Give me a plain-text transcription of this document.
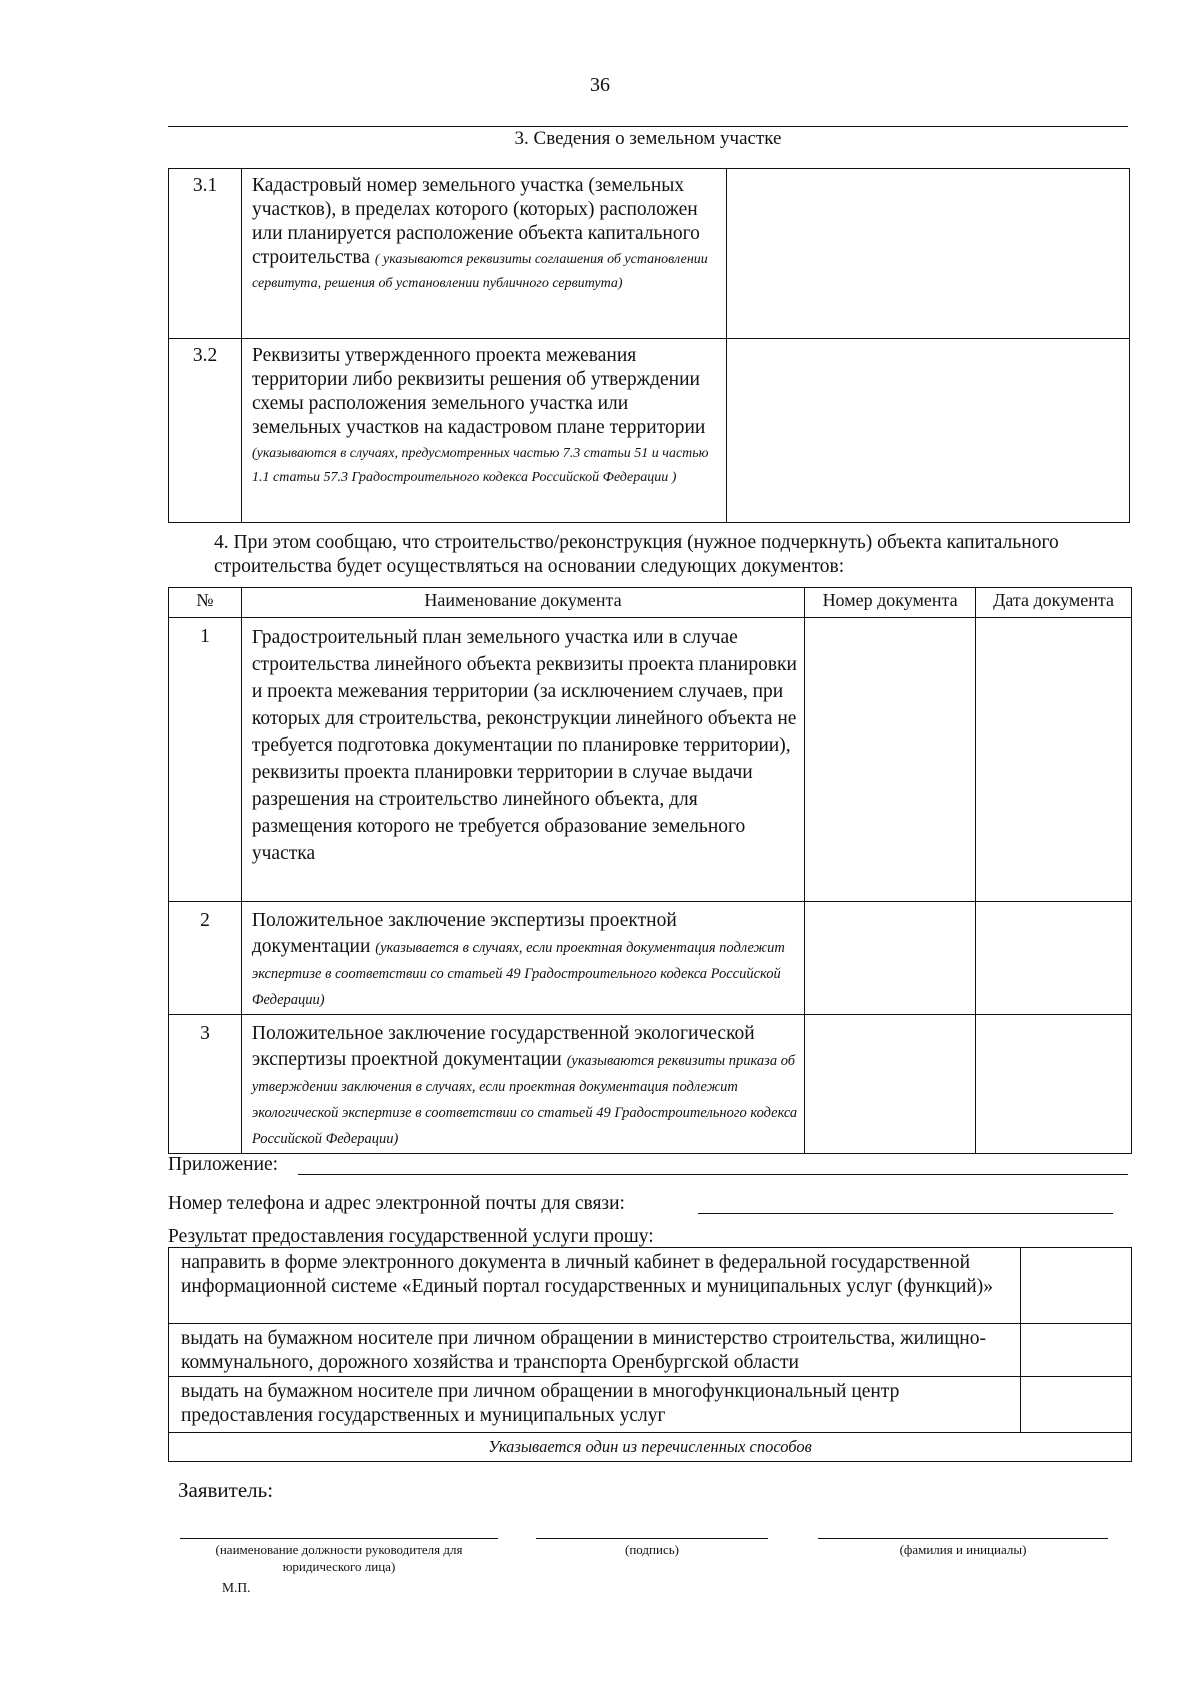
36
3. Сведения о земельном участке
3.1	Кадастровый номер земельного участка (земельных участков), в пределах которого (которых) расположен или планируется расположение объекта капитального строительства ( указываются реквизиты соглашения об установлении сервитута, решения об установлении публичного сервитута)	
3.2	Реквизиты утвержденного проекта межевания территории либо реквизиты решения об утверждении схемы расположения земельного участка или земельных участков на кадастровом плане территории (указываются в случаях, предусмотренных частью 7.3 статьи 51 и частью 1.1 статьи 57.3 Градостроительного кодекса Российской Федерации )	
4. При этом сообщаю, что строительство/реконструкция (нужное подчеркнуть) объекта капитального строительства будет осуществляться на основании следующих документов:
№	Наименование документа	Номер документа	Дата документа
1	Градостроительный план земельного участка или в случае строительства линейного объекта реквизиты проекта планировки и проекта межевания территории (за исключением случаев, при которых для строительства, реконструкции линейного объекта не требуется подготовка документации по планировке территории), реквизиты проекта планировки территории в случае выдачи разрешения на строительство линейного объекта, для размещения которого не требуется образование земельного участка		
2	Положительное заключение экспертизы проектной документации (указывается в случаях, если проектная документация подлежит экспертизе в соответствии со статьей 49 Градостроительного кодекса Российской Федерации)		
3	Положительное заключение государственной экологической экспертизы проектной документации (указываются реквизиты приказа об утверждении заключения в случаях, если проектная документация подлежит экологической экспертизе в соответствии со статьей 49 Градостроительного кодекса Российской Федерации)		
Приложение:
Номер телефона и адрес электронной почты для связи:
Результат предоставления государственной услуги прошу:
направить в форме электронного документа в личный кабинет в федеральной государственной информационной системе «Единый портал государственных и муниципальных услуг (функций)»	
выдать на бумажном носителе при личном обращении в министерство строительства, жилищно-коммунального, дорожного хозяйства и транспорта Оренбургской области	
выдать на бумажном носителе при личном обращении в многофункциональный центр предоставления государственных и муниципальных услуг	
Указывается один из перечисленных способов	
Заявитель:
(наименование должности руководителя для юридического лица)
(подпись)	(фамилия и инициалы)
М.П.
